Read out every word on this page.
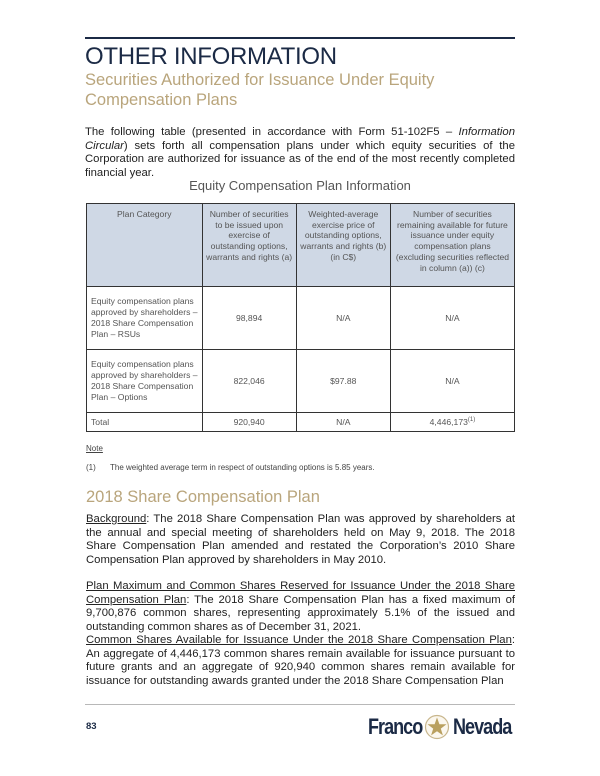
OTHER INFORMATION
Securities Authorized for Issuance Under Equity Compensation Plans
The following table (presented in accordance with Form 51-102F5 – Information Circular) sets forth all compensation plans under which equity securities of the Corporation are authorized for issuance as of the end of the most recently completed financial year.
Equity Compensation Plan Information
Plan Category	Number of securities to be issued upon exercise of outstanding options, warrants and rights (a)	Weighted-average exercise price of outstanding options, warrants and rights (b) (in C$)	Number of securities remaining available for future issuance under equity compensation plans (excluding securities reflected in column (a)) (c)
Equity compensation plans approved by shareholders – 2018 Share Compensation Plan – RSUs	98,894	N/A	N/A
Equity compensation plans approved by shareholders – 2018 Share Compensation Plan – Options	822,046	$97.88	N/A
Total	920,940	N/A	4,446,173$^{(1)}$
Note
(1) The weighted average term in respect of outstanding options is 5.85 years.
2018 Share Compensation Plan
Background: The 2018 Share Compensation Plan was approved by shareholders at the annual and special meeting of shareholders held on May 9, 2018. The 2018 Share Compensation Plan amended and restated the Corporation’s 2010 Share Compensation Plan approved by shareholders in May 2010.
Plan Maximum and Common Shares Reserved for Issuance Under the 2018 Share Compensation Plan: The 2018 Share Compensation Plan has a fixed maximum of 9,700,876 common shares, representing approximately 5.1% of the issued and outstanding common shares as of December 31, 2021.
Common Shares Available for Issuance Under the 2018 Share Compensation Plan: An aggregate of 4,446,173 common shares remain available for issuance pursuant to future grants and an aggregate of 920,940 common shares remain available for issuance for outstanding awards granted under the 2018 Share Compensation Plan
83	Franco Nevada
